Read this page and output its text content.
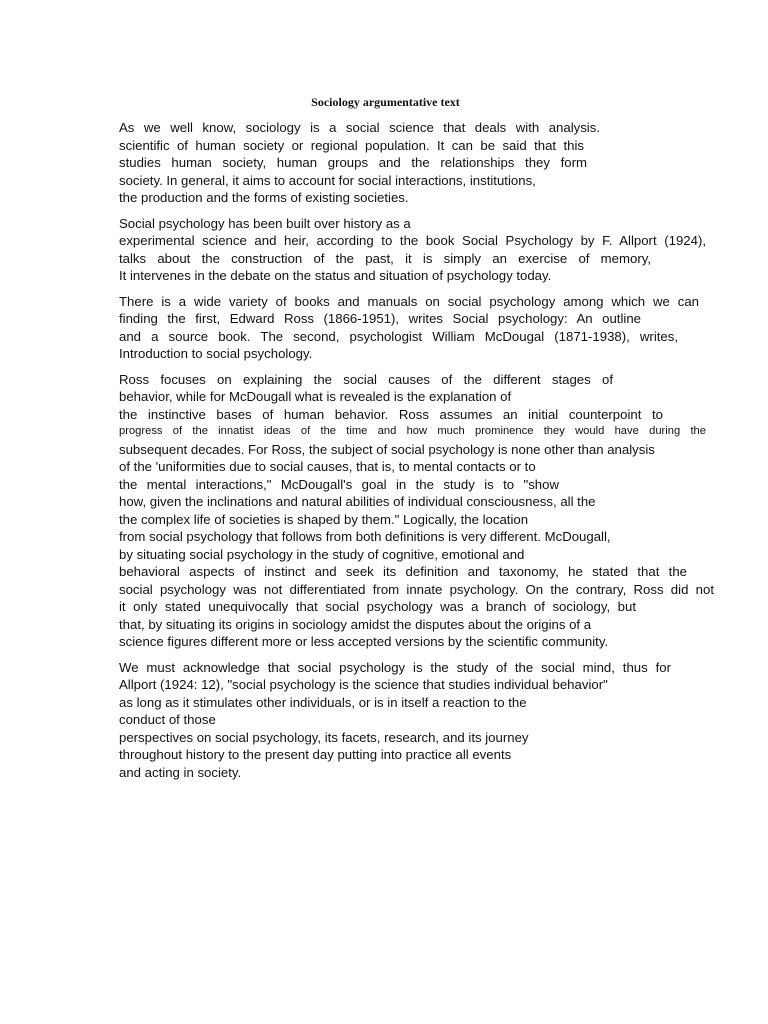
Sociology argumentative text
As we well know, sociology is a social science that deals with analysis.
scientific of human society or regional population. It can be said that this
studies human society, human groups and the relationships they form
society. In general, it aims to account for social interactions, institutions,
the production and the forms of existing societies.
Social psychology has been built over history as a
experimental science and heir, according to the book Social Psychology by F. Allport (1924),
talks about the construction of the past, it is simply an exercise of memory,
It intervenes in the debate on the status and situation of psychology today.
There is a wide variety of books and manuals on social psychology among which we can
finding the first, Edward Ross (1866-1951), writes Social psychology: An outline
and a source book. The second, psychologist William McDougal (1871-1938), writes,
Introduction to social psychology.
Ross focuses on explaining the social causes of the different stages of
behavior, while for McDougall what is revealed is the explanation of
the instinctive bases of human behavior. Ross assumes an initial counterpoint to
progress of the innatist ideas of the time and how much prominence they would have during the
subsequent decades. For Ross, the subject of social psychology is none other than analysis
of the 'uniformities due to social causes, that is, to mental contacts or to
the mental interactions," McDougall's goal in the study is to "show
how, given the inclinations and natural abilities of individual consciousness, all the
the complex life of societies is shaped by them." Logically, the location
from social psychology that follows from both definitions is very different. McDougall,
by situating social psychology in the study of cognitive, emotional and
behavioral aspects of instinct and seek its definition and taxonomy, he stated that the
social psychology was not differentiated from innate psychology. On the contrary, Ross did not
it only stated unequivocally that social psychology was a branch of sociology, but
that, by situating its origins in sociology amidst the disputes about the origins of a
science figures different more or less accepted versions by the scientific community.
We must acknowledge that social psychology is the study of the social mind, thus for
Allport (1924: 12), "social psychology is the science that studies individual behavior"
as long as it stimulates other individuals, or is in itself a reaction to the
conduct of those
perspectives on social psychology, its facets, research, and its journey
throughout history to the present day putting into practice all events
and acting in society.
